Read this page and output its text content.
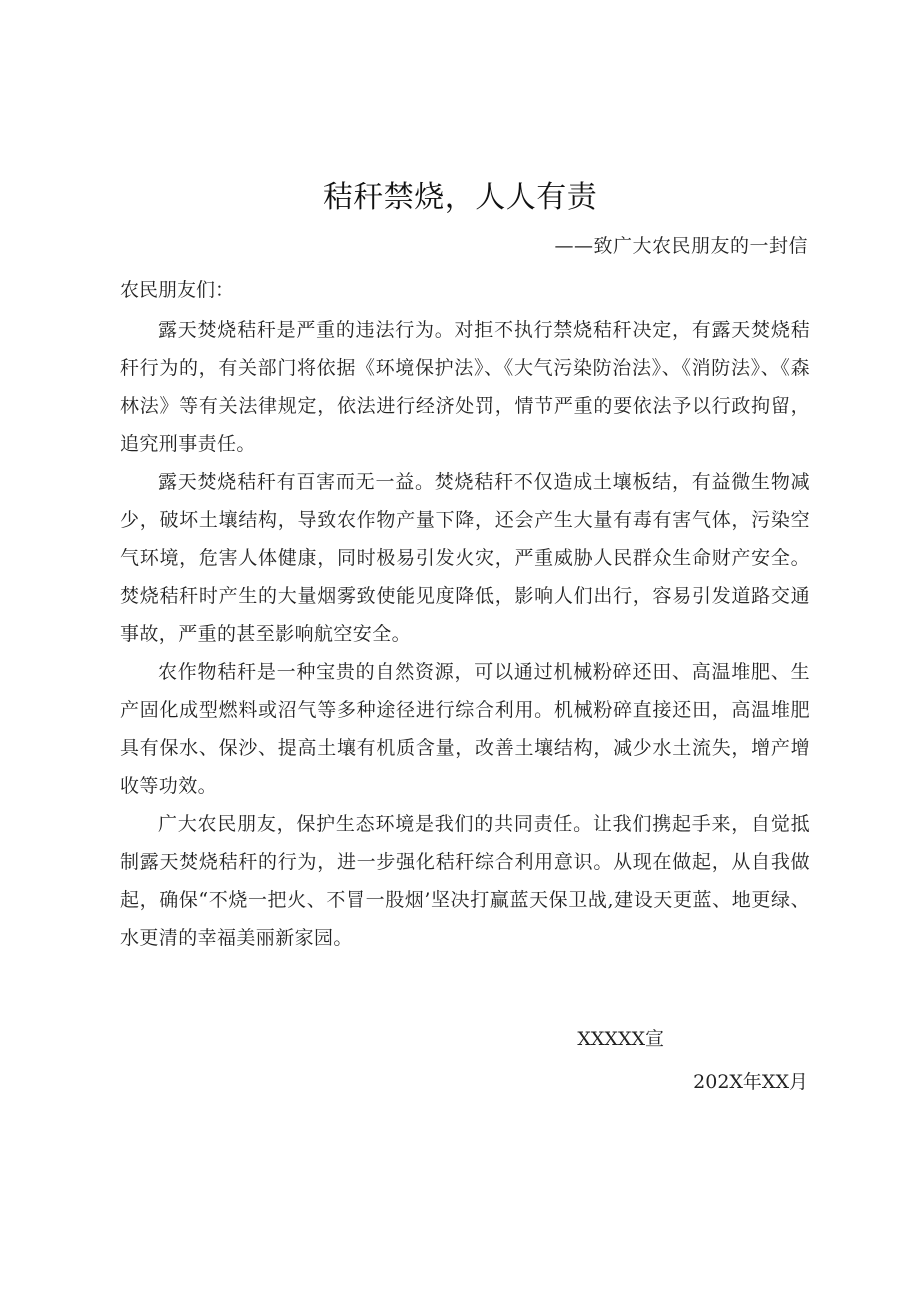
秸秆禁烧，人人有责
——致广大农民朋友的一封信
农民朋友们：

露天焚烧秸秆是严重的违法行为。对拒不执行禁烧秸秆决定，有露天焚烧秸秆行为的，有关部门将依据《环境保护法》、《大气污染防治法》、《消防法》、《森林法》等有关法律规定，依法进行经济处罚，情节严重的要依法予以行政拘留，追究刑事责任。

露天焚烧秸秆有百害而无一益。焚烧秸秆不仅造成土壤板结，有益微生物减少，破坏土壤结构，导致农作物产量下降，还会产生大量有毒有害气体，污染空气环境，危害人体健康，同时极易引发火灾，严重威胁人民群众生命财产安全。焚烧秸秆时产生的大量烟雾致使能见度降低，影响人们出行，容易引发道路交通事故，严重的甚至影响航空安全。

农作物秸秆是一种宝贵的自然资源，可以通过机械粉碎还田、高温堆肥、生产固化成型燃料或沼气等多种途径进行综合利用。机械粉碎直接还田，高温堆肥具有保水、保沙、提高土壤有机质含量，改善土壤结构，减少水土流失，增产增收等功效。

广大农民朋友，保护生态环境是我们的共同责任。让我们携起手来，自觉抵制露天焚烧秸秆的行为，进一步强化秸秆综合利用意识。从现在做起，从自我做起，确保“不烧一把火、不冒一股烟’坚决打赢蓝天保卫战,建设天更蓝、地更绿、水更清的幸福美丽新家园。

XXXXX宣
202X年XX月
